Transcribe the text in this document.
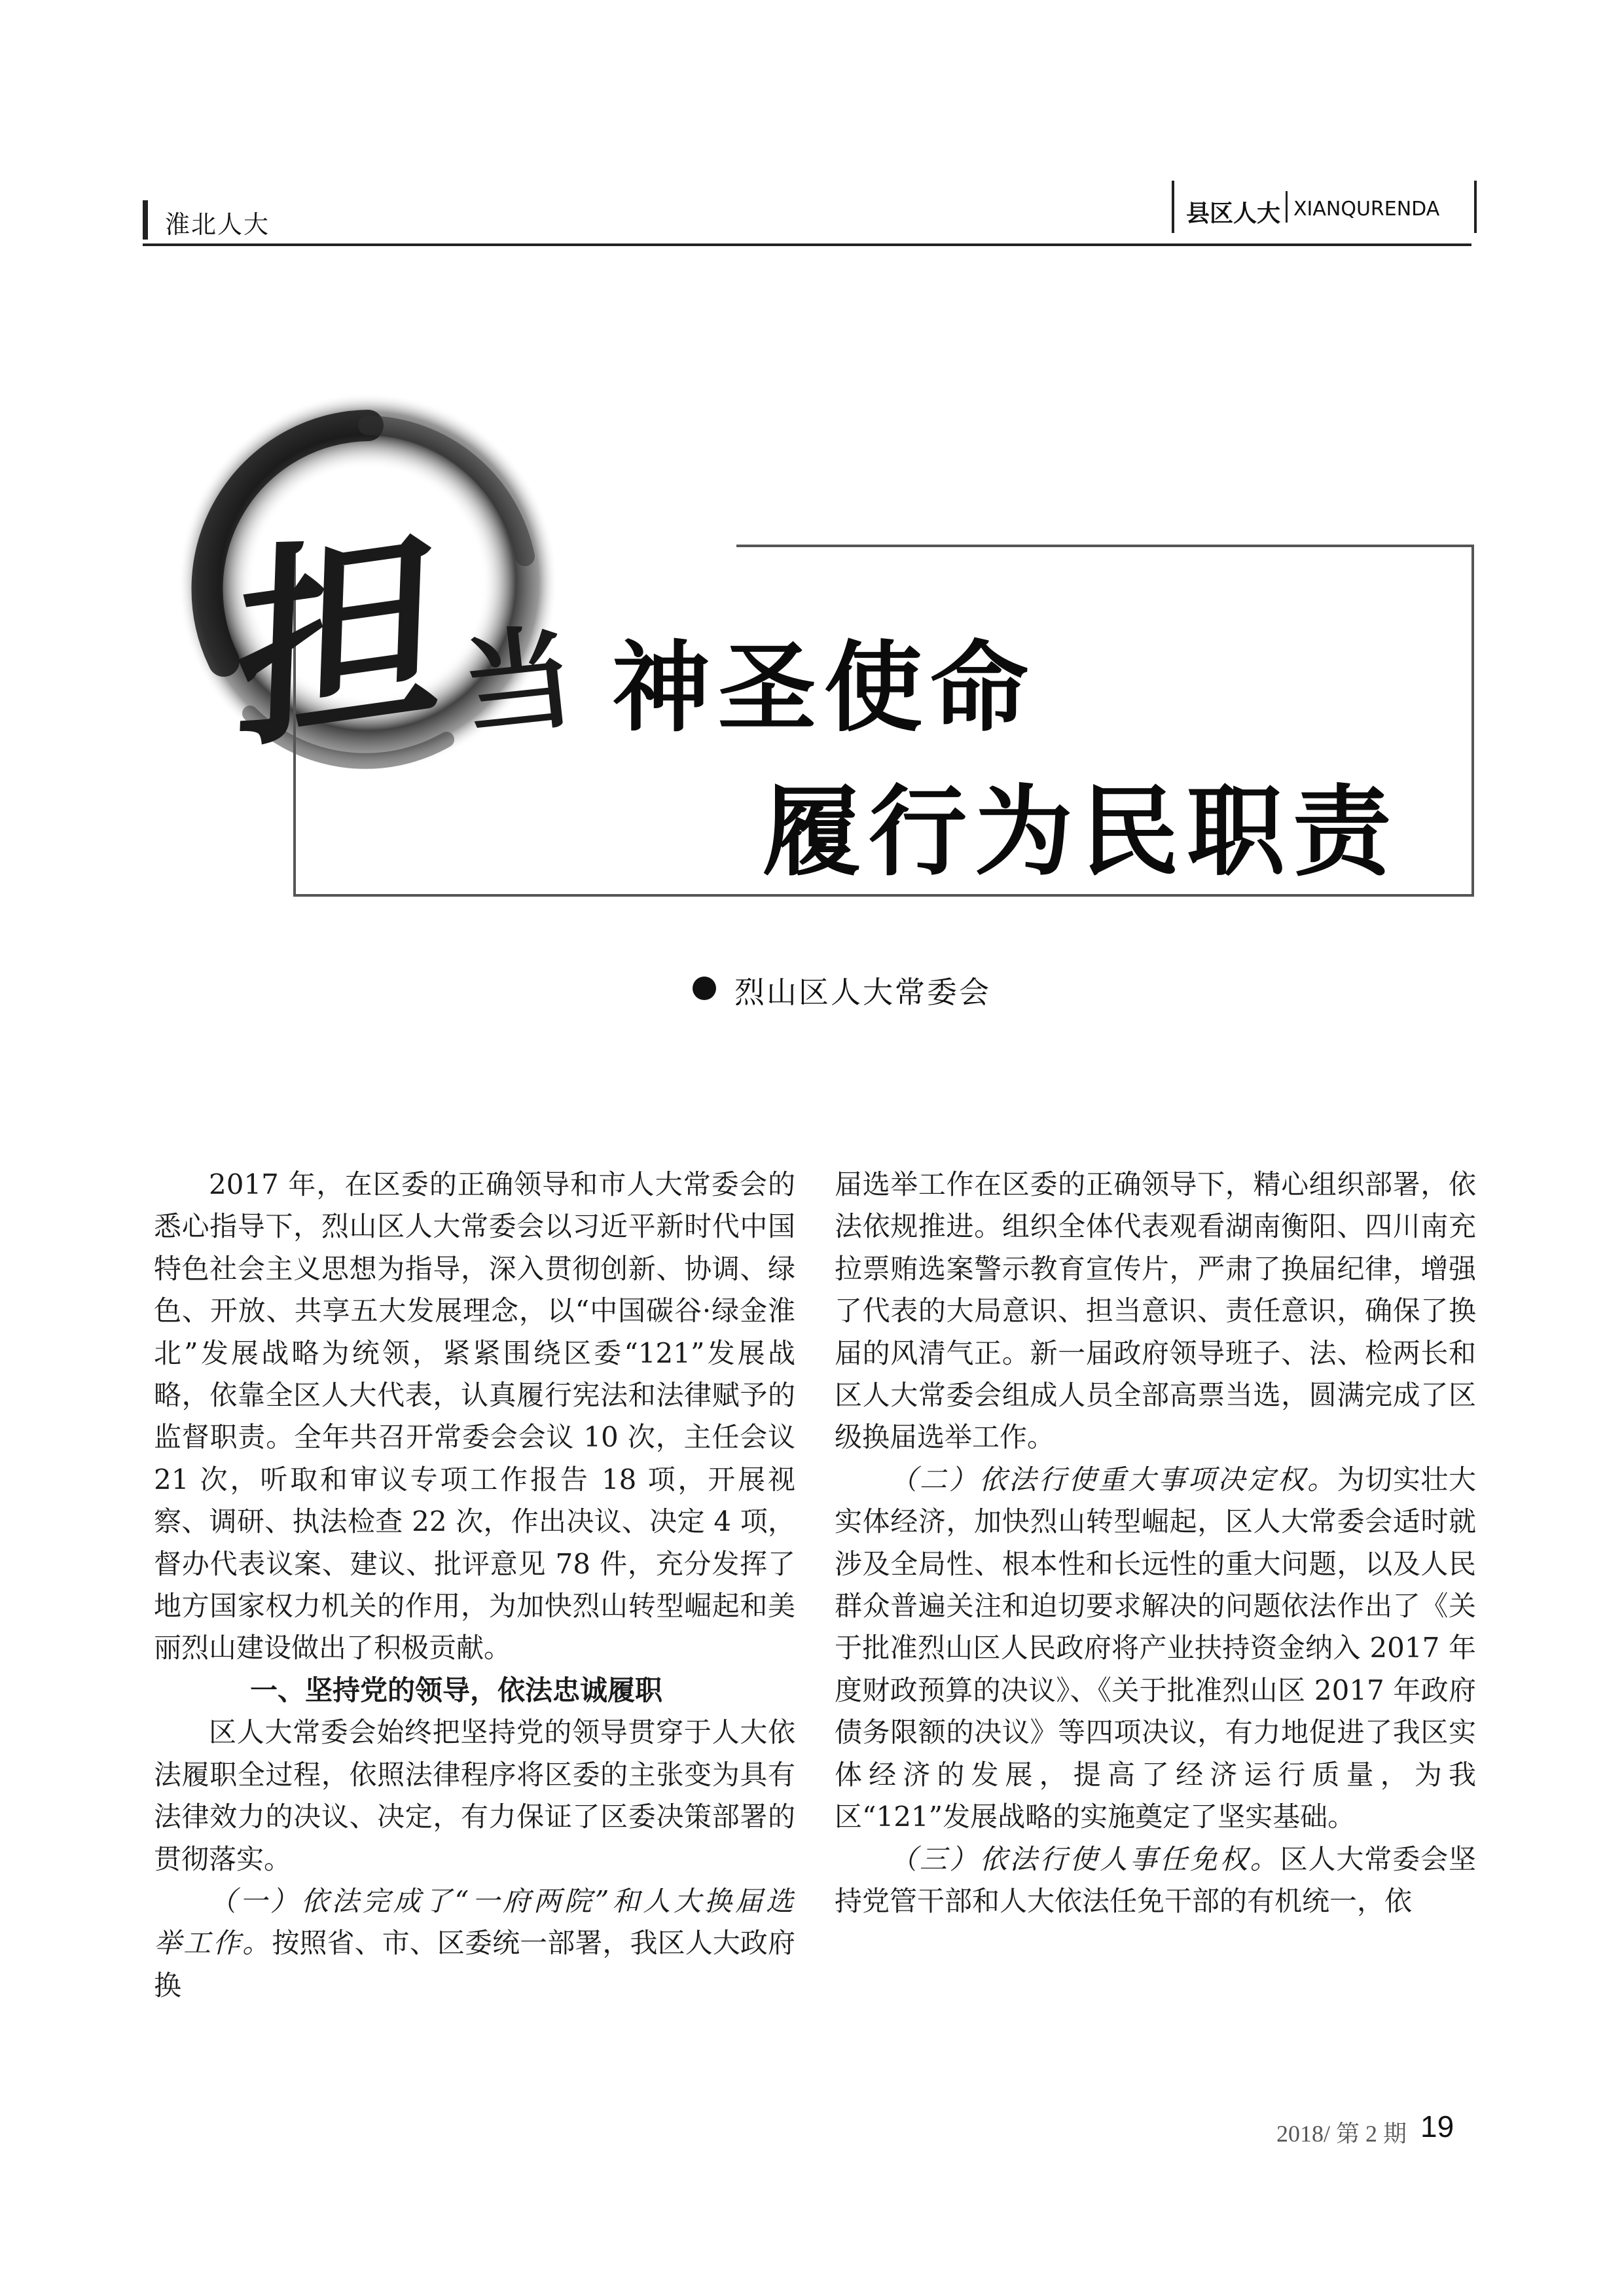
淮北人大	县区人大 XIANQURENDA
担 当 神圣使命
履行为民职责
烈山区人大常委会

2017 年，在区委的正确领导和市人大常委会的悉心指导下，烈山区人大常委会以习近平新时代中国特色社会主义思想为指导，深入贯彻创新、协调、绿色、开放、共享五大发展理念，以“中国碳谷·绿金淮北”发展战略为统领，紧紧围绕区委“121”发展战略，依靠全区人大代表，认真履行宪法和法律赋予的监督职责。全年共召开常委会会议 10 次，主任会议 21 次，听取和审议专项工作报告 18 项，开展视察、调研、执法检查 22 次，作出决议、决定 4 项，督办代表议案、建议、批评意见 78 件，充分发挥了地方国家权力机关的作用，为加快烈山转型崛起和美丽烈山建设做出了积极贡献。

一、坚持党的领导，依法忠诚履职

区人大常委会始终把坚持党的领导贯穿于人大依法履职全过程，依照法律程序将区委的主张变为具有法律效力的决议、决定，有力保证了区委决策部署的贯彻落实。

（一）依法完成了“一府两院”和人大换届选举工作。按照省、市、区委统一部署，我区人大政府换

届选举工作在区委的正确领导下，精心组织部署，依法依规推进。组织全体代表观看湖南衡阳、四川南充拉票贿选案警示教育宣传片，严肃了换届纪律，增强了代表的大局意识、担当意识、责任意识，确保了换届的风清气正。新一届政府领导班子、法、检两长和区人大常委会组成人员全部高票当选，圆满完成了区级换届选举工作。

（二）依法行使重大事项决定权。为切实壮大实体经济，加快烈山转型崛起，区人大常委会适时就涉及全局性、根本性和长远性的重大问题，以及人民群众普遍关注和迫切要求解决的问题依法作出了《关于批准烈山区人民政府将产业扶持资金纳入 2017 年度财政预算的决议》、《关于批准烈山区 2017 年政府债务限额的决议》等四项决议，有力地促进了我区实体经济的发展，提高了经济运行质量，为我区“121”发展战略的实施奠定了坚实基础。

（三）依法行使人事任免权。区人大常委会坚持党管干部和人大依法任免干部的有机统一，依

2018/ 第 2 期 19
